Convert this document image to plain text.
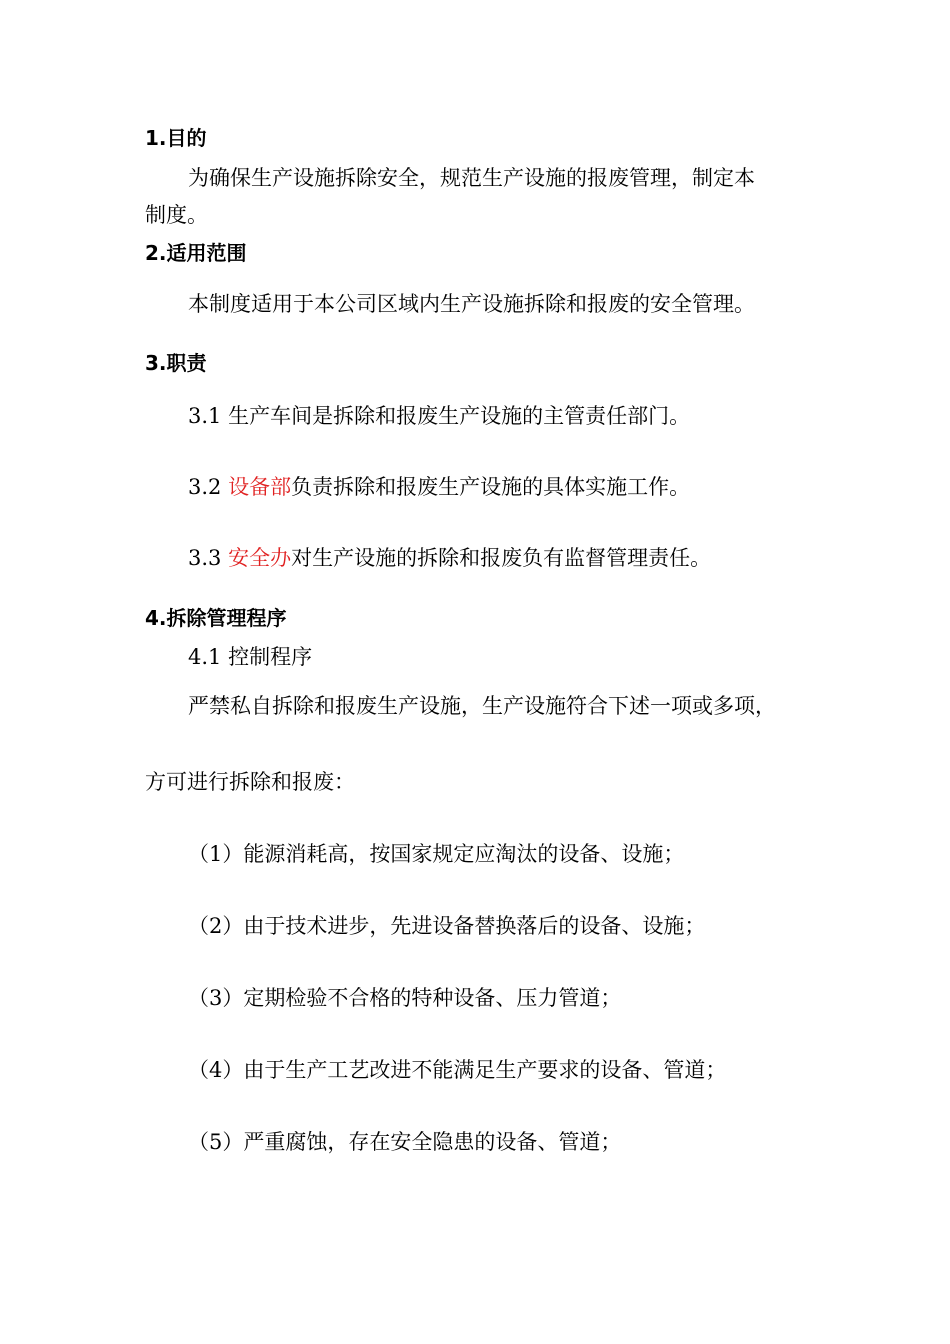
1.目的
为确保生产设施拆除安全，规范生产设施的报废管理，制定本
制度。
2.适用范围
本制度适用于本公司区域内生产设施拆除和报废的安全管理。
3.职责
3.1 生产车间是拆除和报废生产设施的主管责任部门。
3.2 设备部负责拆除和报废生产设施的具体实施工作。
3.3 安全办对生产设施的拆除和报废负有监督管理责任。
4.拆除管理程序
4.1 控制程序
严禁私自拆除和报废生产设施，生产设施符合下述一项或多项，
方可进行拆除和报废：
（1）能源消耗高，按国家规定应淘汰的设备、设施；
（2）由于技术进步，先进设备替换落后的设备、设施；
（3）定期检验不合格的特种设备、压力管道；
（4）由于生产工艺改进不能满足生产要求的设备、管道；
（5）严重腐蚀，存在安全隐患的设备、管道；
